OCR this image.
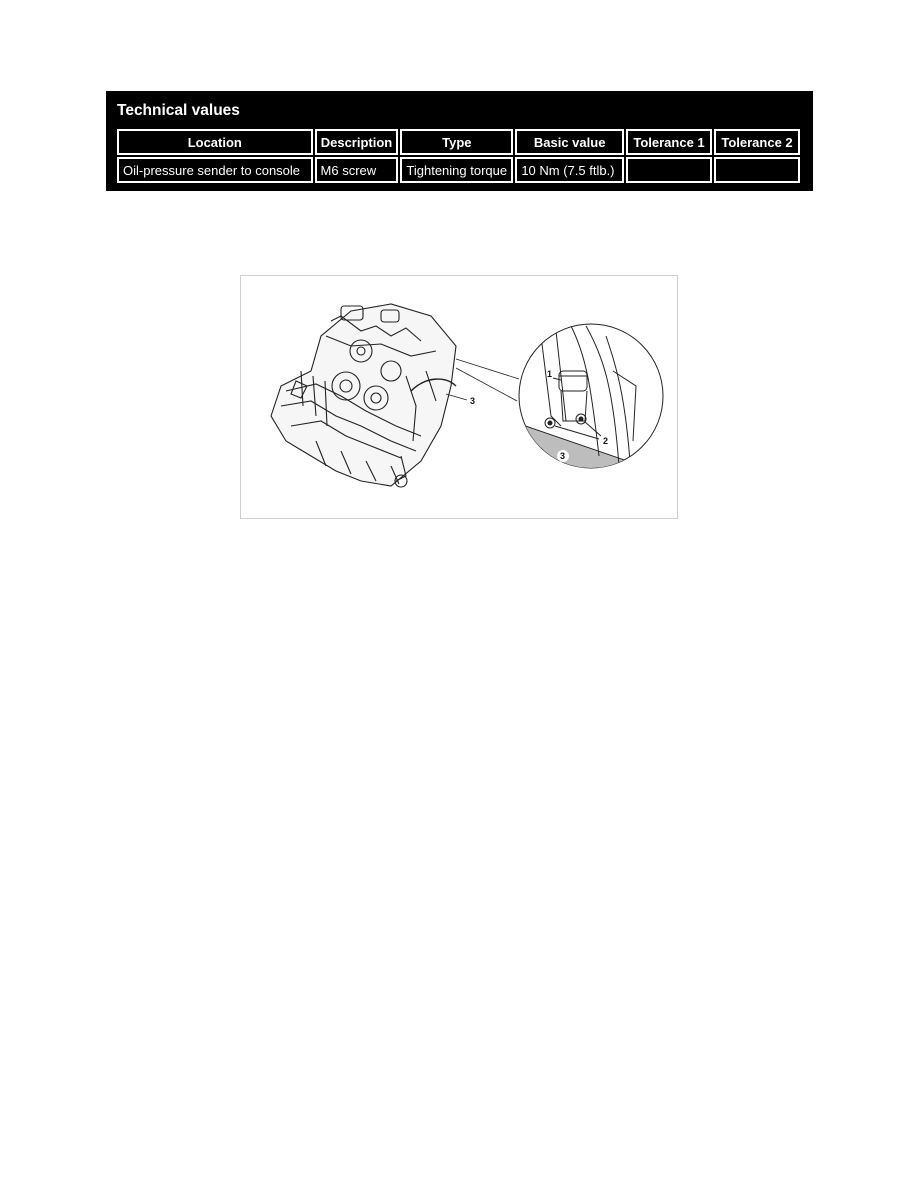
Technical values
Location	Description	Type	Basic value	Tolerance 1	Tolerance 2
Oil-pressure sender to console	M6 screw	Tightening torque	10 Nm (7.5 ftlb.)		
3
1
2
3
